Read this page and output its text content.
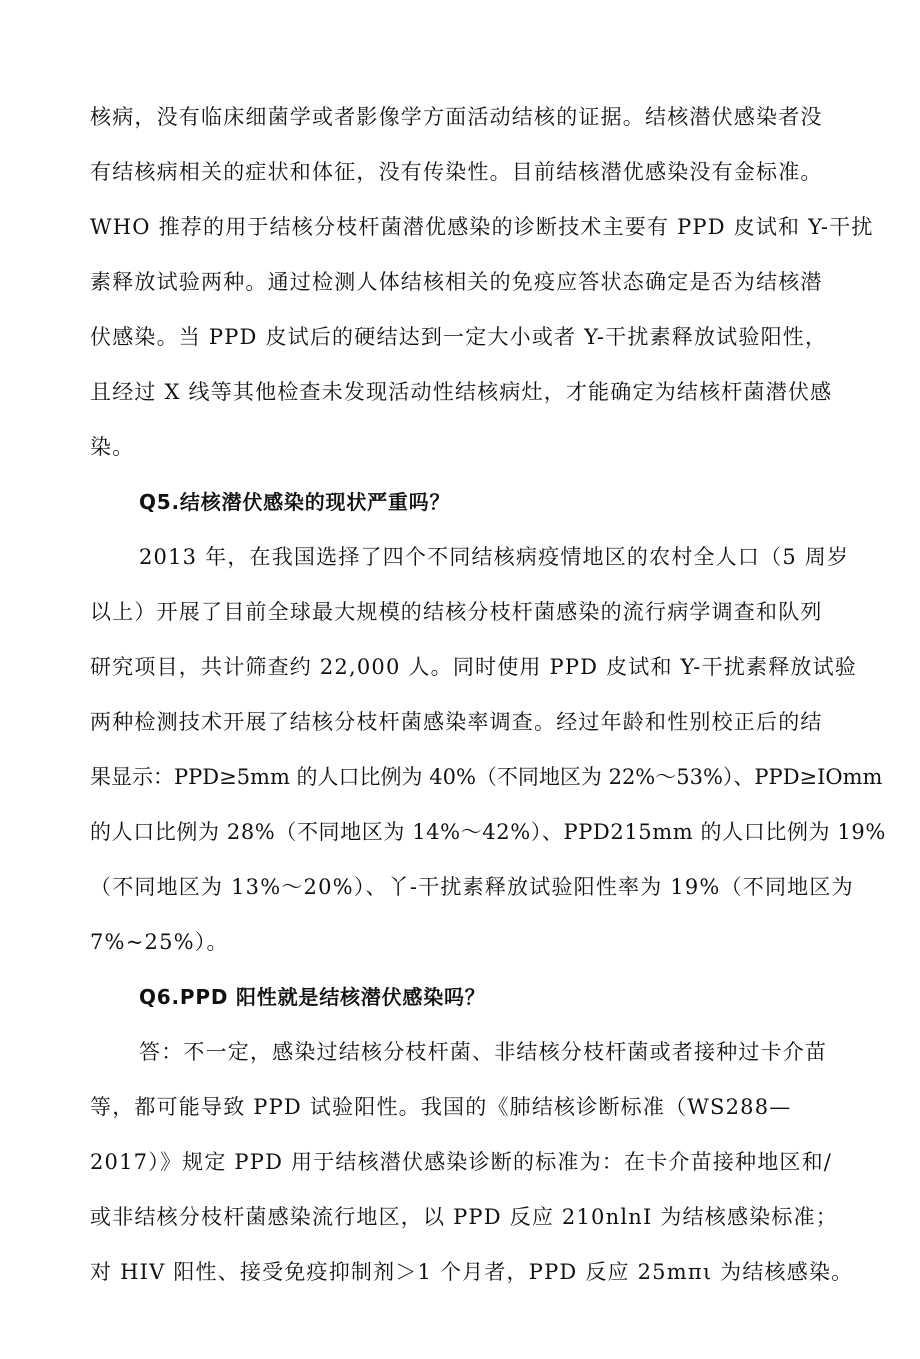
核病，没有临床细菌学或者影像学方面活动结核的证据。结核潜伏感染者没
有结核病相关的症状和体征，没有传染性。目前结核潜优感染没有金标准。
WHO 推荐的用于结核分枝杆菌潜优感染的诊断技术主要有 PPD 皮试和 Y-干扰
素释放试验两种。通过检测人体结核相关的免疫应答状态确定是否为结核潜
伏感染。当 PPD 皮试后的硬结达到一定大小或者 Y-干扰素释放试验阳性，
且经过 X 线等其他检查未发现活动性结核病灶，才能确定为结核杆菌潜伏感
染。
Q5.结核潜伏感染的现状严重吗？
2013 年，在我国选择了四个不同结核病疫情地区的农村全人口（5 周岁
以上）开展了目前全球最大规模的结核分枝杆菌感染的流行病学调查和队列
研究项目，共计筛查约 22,000 人。同时使用 PPD 皮试和 Y-干扰素释放试验
两种检测技术开展了结核分枝杆菌感染率调查。经过年龄和性别校正后的结
果显示：PPD≥5mm 的人口比例为 40%（不同地区为 22%～53%）、PPD≥IOmm
的人口比例为 28%（不同地区为 14%～42%）、PPD215mm 的人口比例为 19%
（不同地区为 13%～20%）、丫-干扰素释放试验阳性率为 19%（不同地区为
7%~25%）。
Q6.PPD 阳性就是结核潜伏感染吗？
答：不一定，感染过结核分枝杆菌、非结核分枝杆菌或者接种过卡介苗
等，都可能导致 PPD 试验阳性。我国的《肺结核诊断标准（WS288—
2017）》规定 PPD 用于结核潜伏感染诊断的标准为：在卡介苗接种地区和/
或非结核分枝杆菌感染流行地区，以 PPD 反应 210nlnI 为结核感染标准；
对 HIV 阳性、接受免疫抑制剂＞1 个月者，PPD 反应 25mπι 为结核感染。
